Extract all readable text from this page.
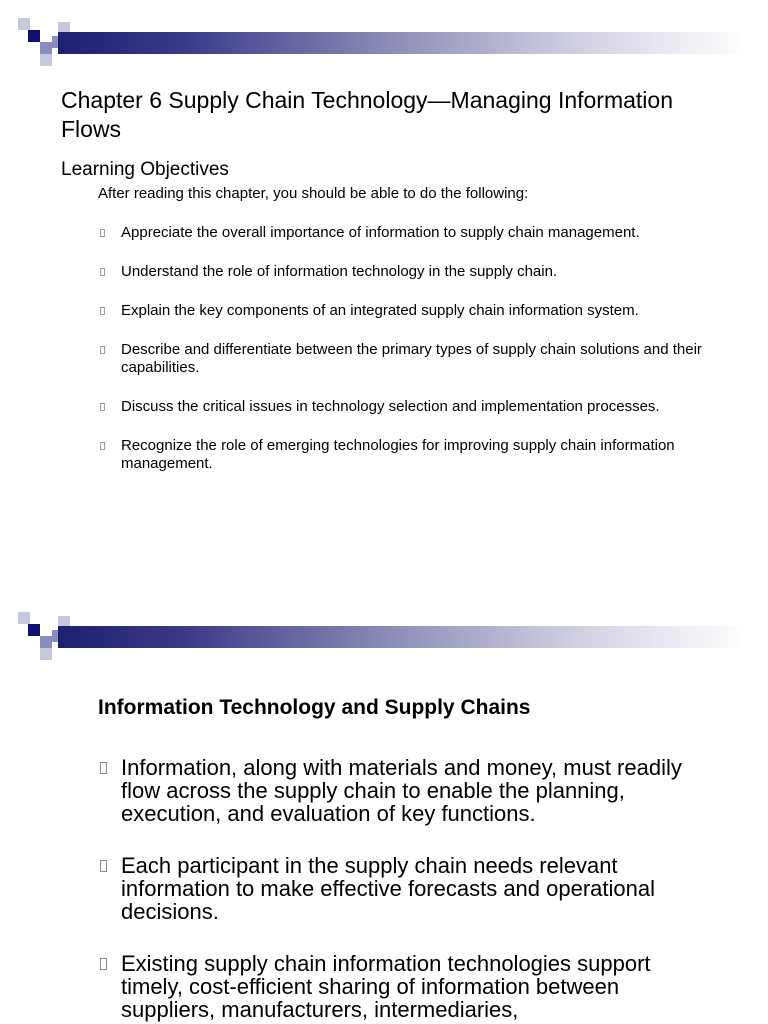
Chapter 6 Supply Chain Technology—Managing Information Flows
Learning Objectives

After reading this chapter, you should be able to do the following:

Appreciate the overall importance of information to supply chain management.
Understand the role of information technology in the supply chain.
Explain the key components of an integrated supply chain information system.
Describe and differentiate between the primary types of supply chain solutions and their capabilities.
Discuss the critical issues in technology selection and implementation processes.
Recognize the role of emerging technologies for improving supply chain information management.
Information Technology and Supply Chains
Information, along with materials and money, must readily flow across the supply chain to enable the planning, execution, and evaluation of key functions.
Each participant in the supply chain needs relevant information to make effective forecasts and operational decisions.
Existing supply chain information technologies support timely, cost-efficient sharing of information between suppliers, manufacturers, intermediaries,
